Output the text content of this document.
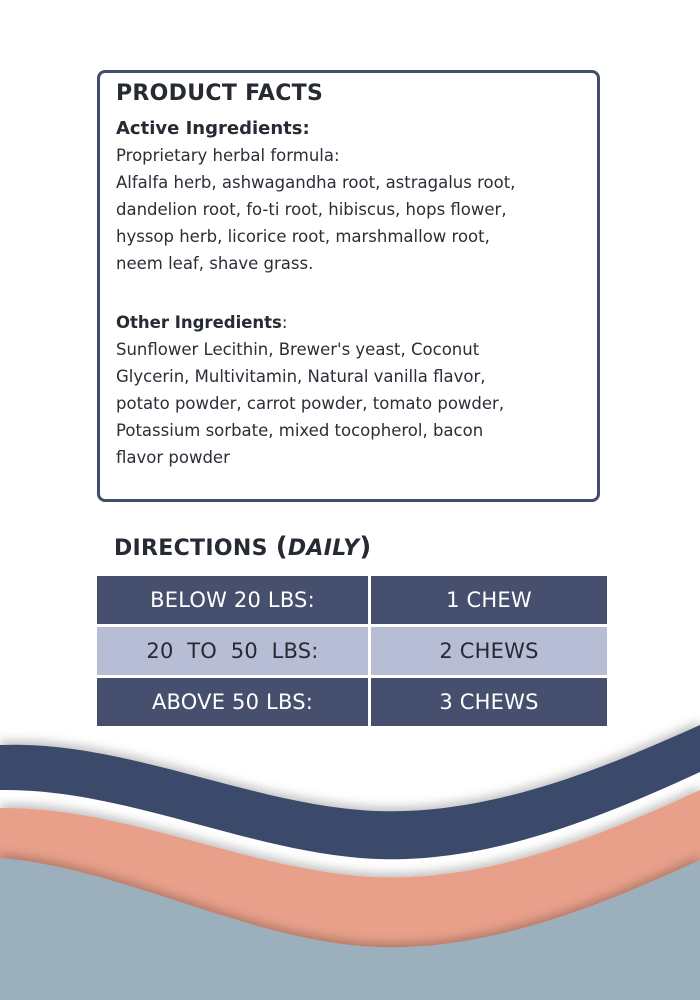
PRODUCT FACTS
Active Ingredients:
Proprietary herbal formula:
Alfalfa herb, ashwagandha root, astragalus root,
dandelion root, fo-ti root, hibiscus, hops flower,
hyssop herb, licorice root, marshmallow root,
neem leaf, shave grass.
Other Ingredients:
Sunflower Lecithin, Brewer's yeast, Coconut
Glycerin, Multivitamin, Natural vanilla flavor,
potato powder, carrot powder, tomato powder,
Potassium sorbate, mixed tocopherol, bacon
flavor powder
DIRECTIONS (DAILY)
BELOW 20 LBS:	1 CHEW
20  TO  50  LBS:	2 CHEWS
ABOVE 50 LBS:	3 CHEWS
